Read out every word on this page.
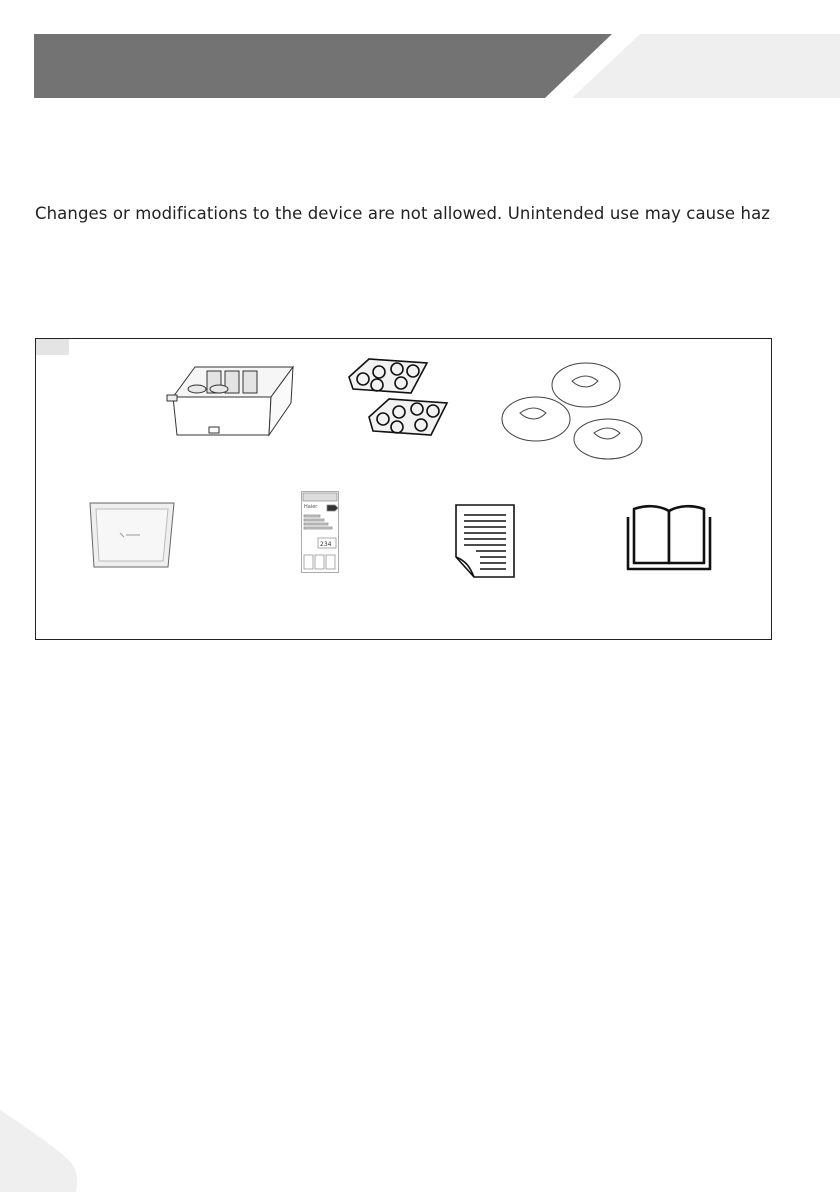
Changes or modifications to the device are not allowed. Unintended use may cause haz
Haier
234
